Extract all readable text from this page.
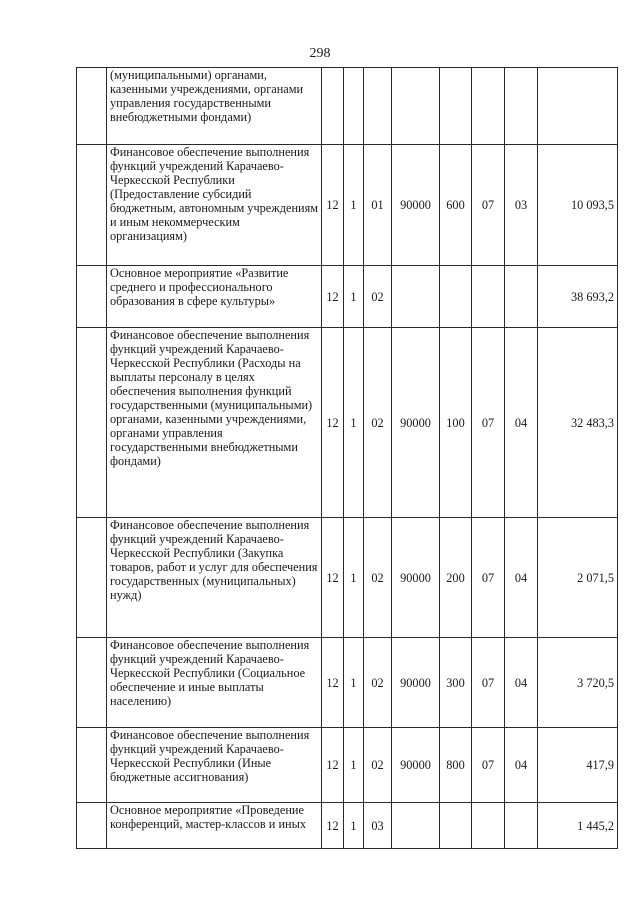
298
	(муниципальными) органами, казенными учреждениями, органами управления государственными внебюджетными фондами)								
	Финансовое обеспечение выполнения функций учреждений Карачаево-Черкесской Республики (Предоставление субсидий бюджетным, автономным учреждениям и иным некоммерческим организациям)	12	1	01	90000	600	07	03	10 093,5
	Основное мероприятие «Развитие среднего и профессионального образования в сфере культуры»	12	1	02					38 693,2
	Финансовое обеспечение выполнения функций учреждений Карачаево-Черкесской Республики (Расходы на выплаты персоналу в целях обеспечения выполнения функций государственными (муниципальными) органами, казенными учреждениями, органами управления государственными внебюджетными фондами)	12	1	02	90000	100	07	04	32 483,3
	Финансовое обеспечение выполнения функций учреждений Карачаево-Черкесской Республики (Закупка товаров, работ и услуг для обеспечения государственных (муниципальных) нужд)	12	1	02	90000	200	07	04	2 071,5
	Финансовое обеспечение выполнения функций учреждений Карачаево-Черкесской Республики (Социальное обеспечение и иные выплаты населению)	12	1	02	90000	300	07	04	3 720,5
	Финансовое обеспечение выполнения функций учреждений Карачаево-Черкесской Республики (Иные бюджетные ассигнования)	12	1	02	90000	800	07	04	417,9
	Основное мероприятие «Проведение конференций, мастер-классов и иных	12	1	03					1 445,2
